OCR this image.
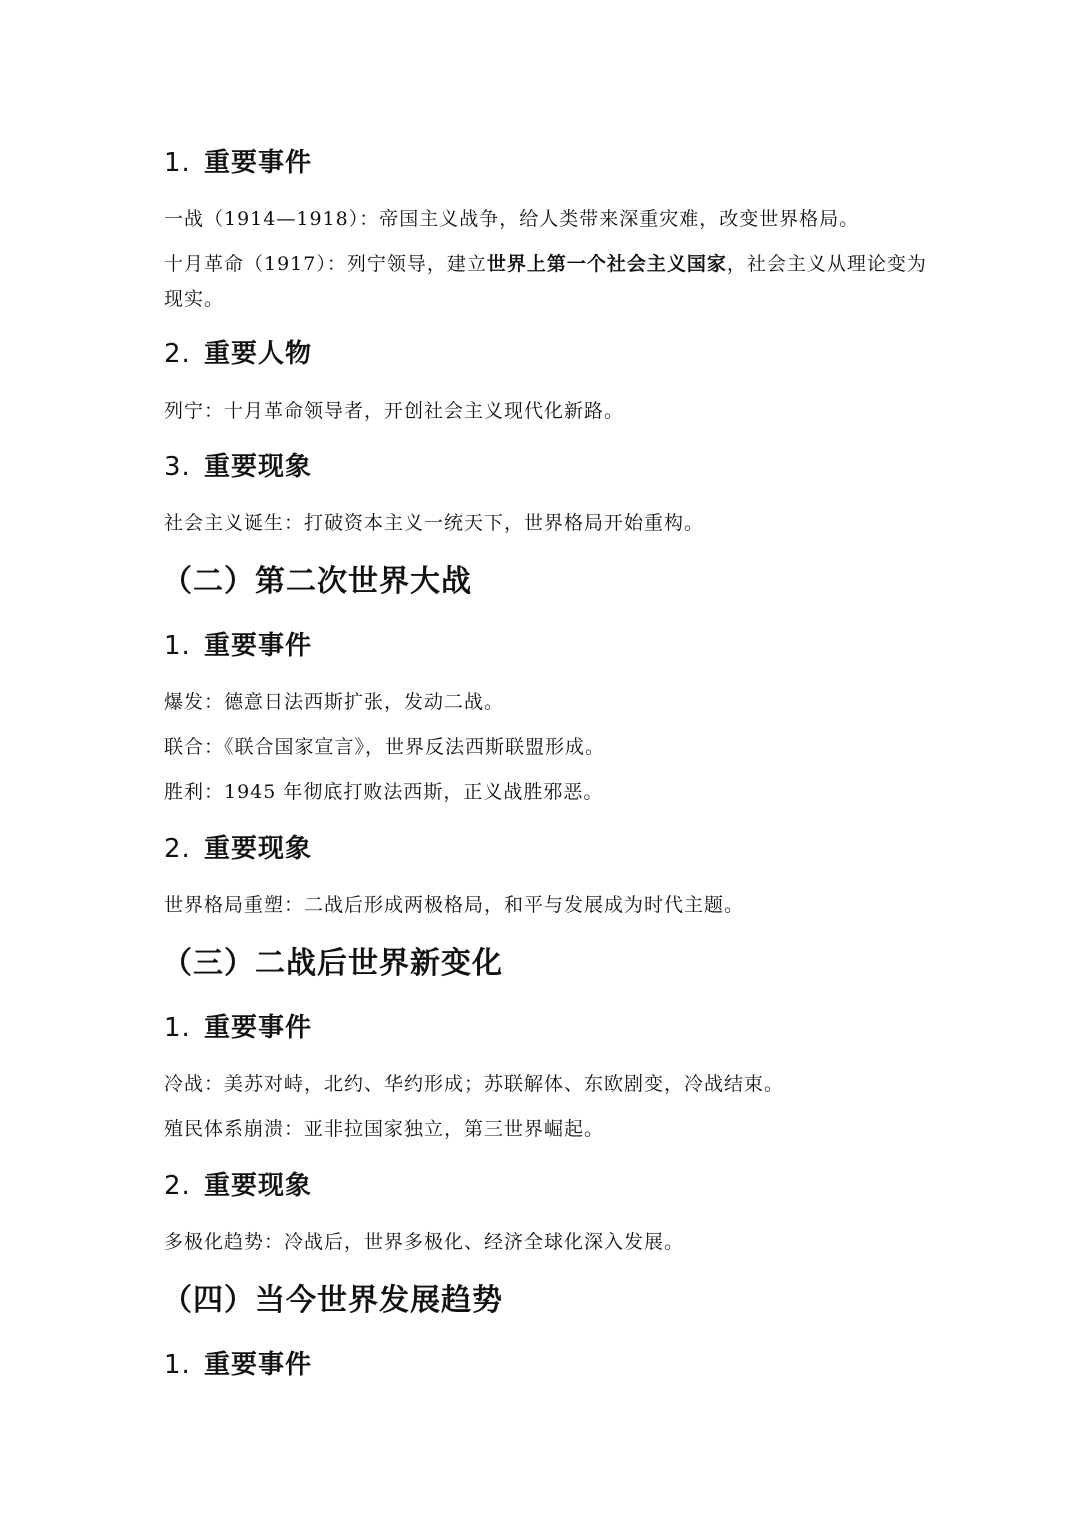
1. 重要事件
一战（1914—1918）：帝国主义战争，给人类带来深重灾难，改变世界格局。
十月革命（1917）：列宁领导，建立世界上第一个社会主义国家，社会主义从理论变为
现实。
2. 重要人物
列宁：十月革命领导者，开创社会主义现代化新路。
3. 重要现象
社会主义诞生：打破资本主义一统天下，世界格局开始重构。
（二）第二次世界大战
1. 重要事件
爆发：德意日法西斯扩张，发动二战。
联合：《联合国家宣言》，世界反法西斯联盟形成。
胜利：1945 年彻底打败法西斯，正义战胜邪恶。
2. 重要现象
世界格局重塑：二战后形成两极格局，和平与发展成为时代主题。
（三）二战后世界新变化
1. 重要事件
冷战：美苏对峙，北约、华约形成；苏联解体、东欧剧变，冷战结束。
殖民体系崩溃：亚非拉国家独立，第三世界崛起。
2. 重要现象
多极化趋势：冷战后，世界多极化、经济全球化深入发展。
（四）当今世界发展趋势
1. 重要事件
